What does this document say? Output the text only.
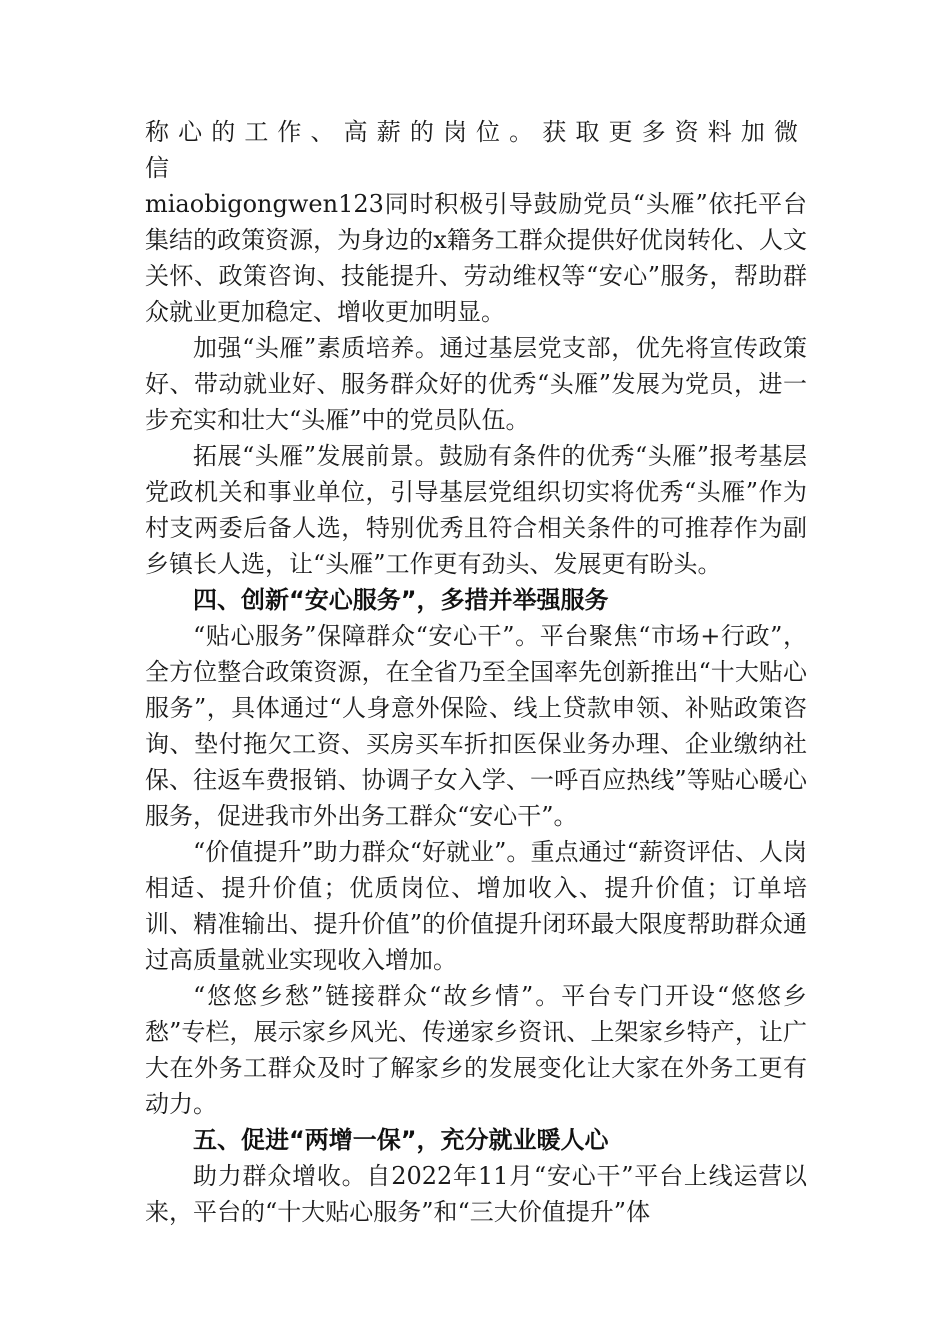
称心的工作、高薪的岗位。获取更多资料加微信

miaobigongwen123同时积极引导鼓励党员“头雁”依托平台集结的政策资源，为身边的x籍务工群众提供好优岗转化、人文关怀、政策咨询、技能提升、劳动维权等“安心”服务，帮助群众就业更加稳定、增收更加明显。

加强“头雁”素质培养。通过基层党支部，优先将宣传政策好、带动就业好、服务群众好的优秀“头雁”发展为党员，进一步充实和壮大“头雁”中的党员队伍。

拓展“头雁”发展前景。鼓励有条件的优秀“头雁”报考基层党政机关和事业单位，引导基层党组织切实将优秀“头雁”作为村支两委后备人选，特别优秀且符合相关条件的可推荐作为副乡镇长人选，让“头雁”工作更有劲头、发展更有盼头。

四、创新“安心服务”，多措并举强服务

“贴心服务”保障群众“安心干”。平台聚焦“市场+行政”，全方位整合政策资源，在全省乃至全国率先创新推出“十大贴心服务”，具体通过“人身意外保险、线上贷款申领、补贴政策咨询、垫付拖欠工资、买房买车折扣医保业务办理、企业缴纳社保、往返车费报销、协调子女入学、一呼百应热线”等贴心暖心服务，促进我市外出务工群众“安心干”。

“价值提升”助力群众“好就业”。重点通过“薪资评估、人岗相适、提升价值；优质岗位、增加收入、提升价值；订单培训、精准输出、提升价值”的价值提升闭环最大限度帮助群众通过高质量就业实现收入增加。

“悠悠乡愁”链接群众“故乡情”。平台专门开设“悠悠乡愁”专栏，展示家乡风光、传递家乡资讯、上架家乡特产，让广大在外务工群众及时了解家乡的发展变化让大家在外务工更有动力。

五、促进“两增一保”，充分就业暖人心

助力群众增收。自2022年11月“安心干”平台上线运营以来，平台的“十大贴心服务”和“三大价值提升”体
